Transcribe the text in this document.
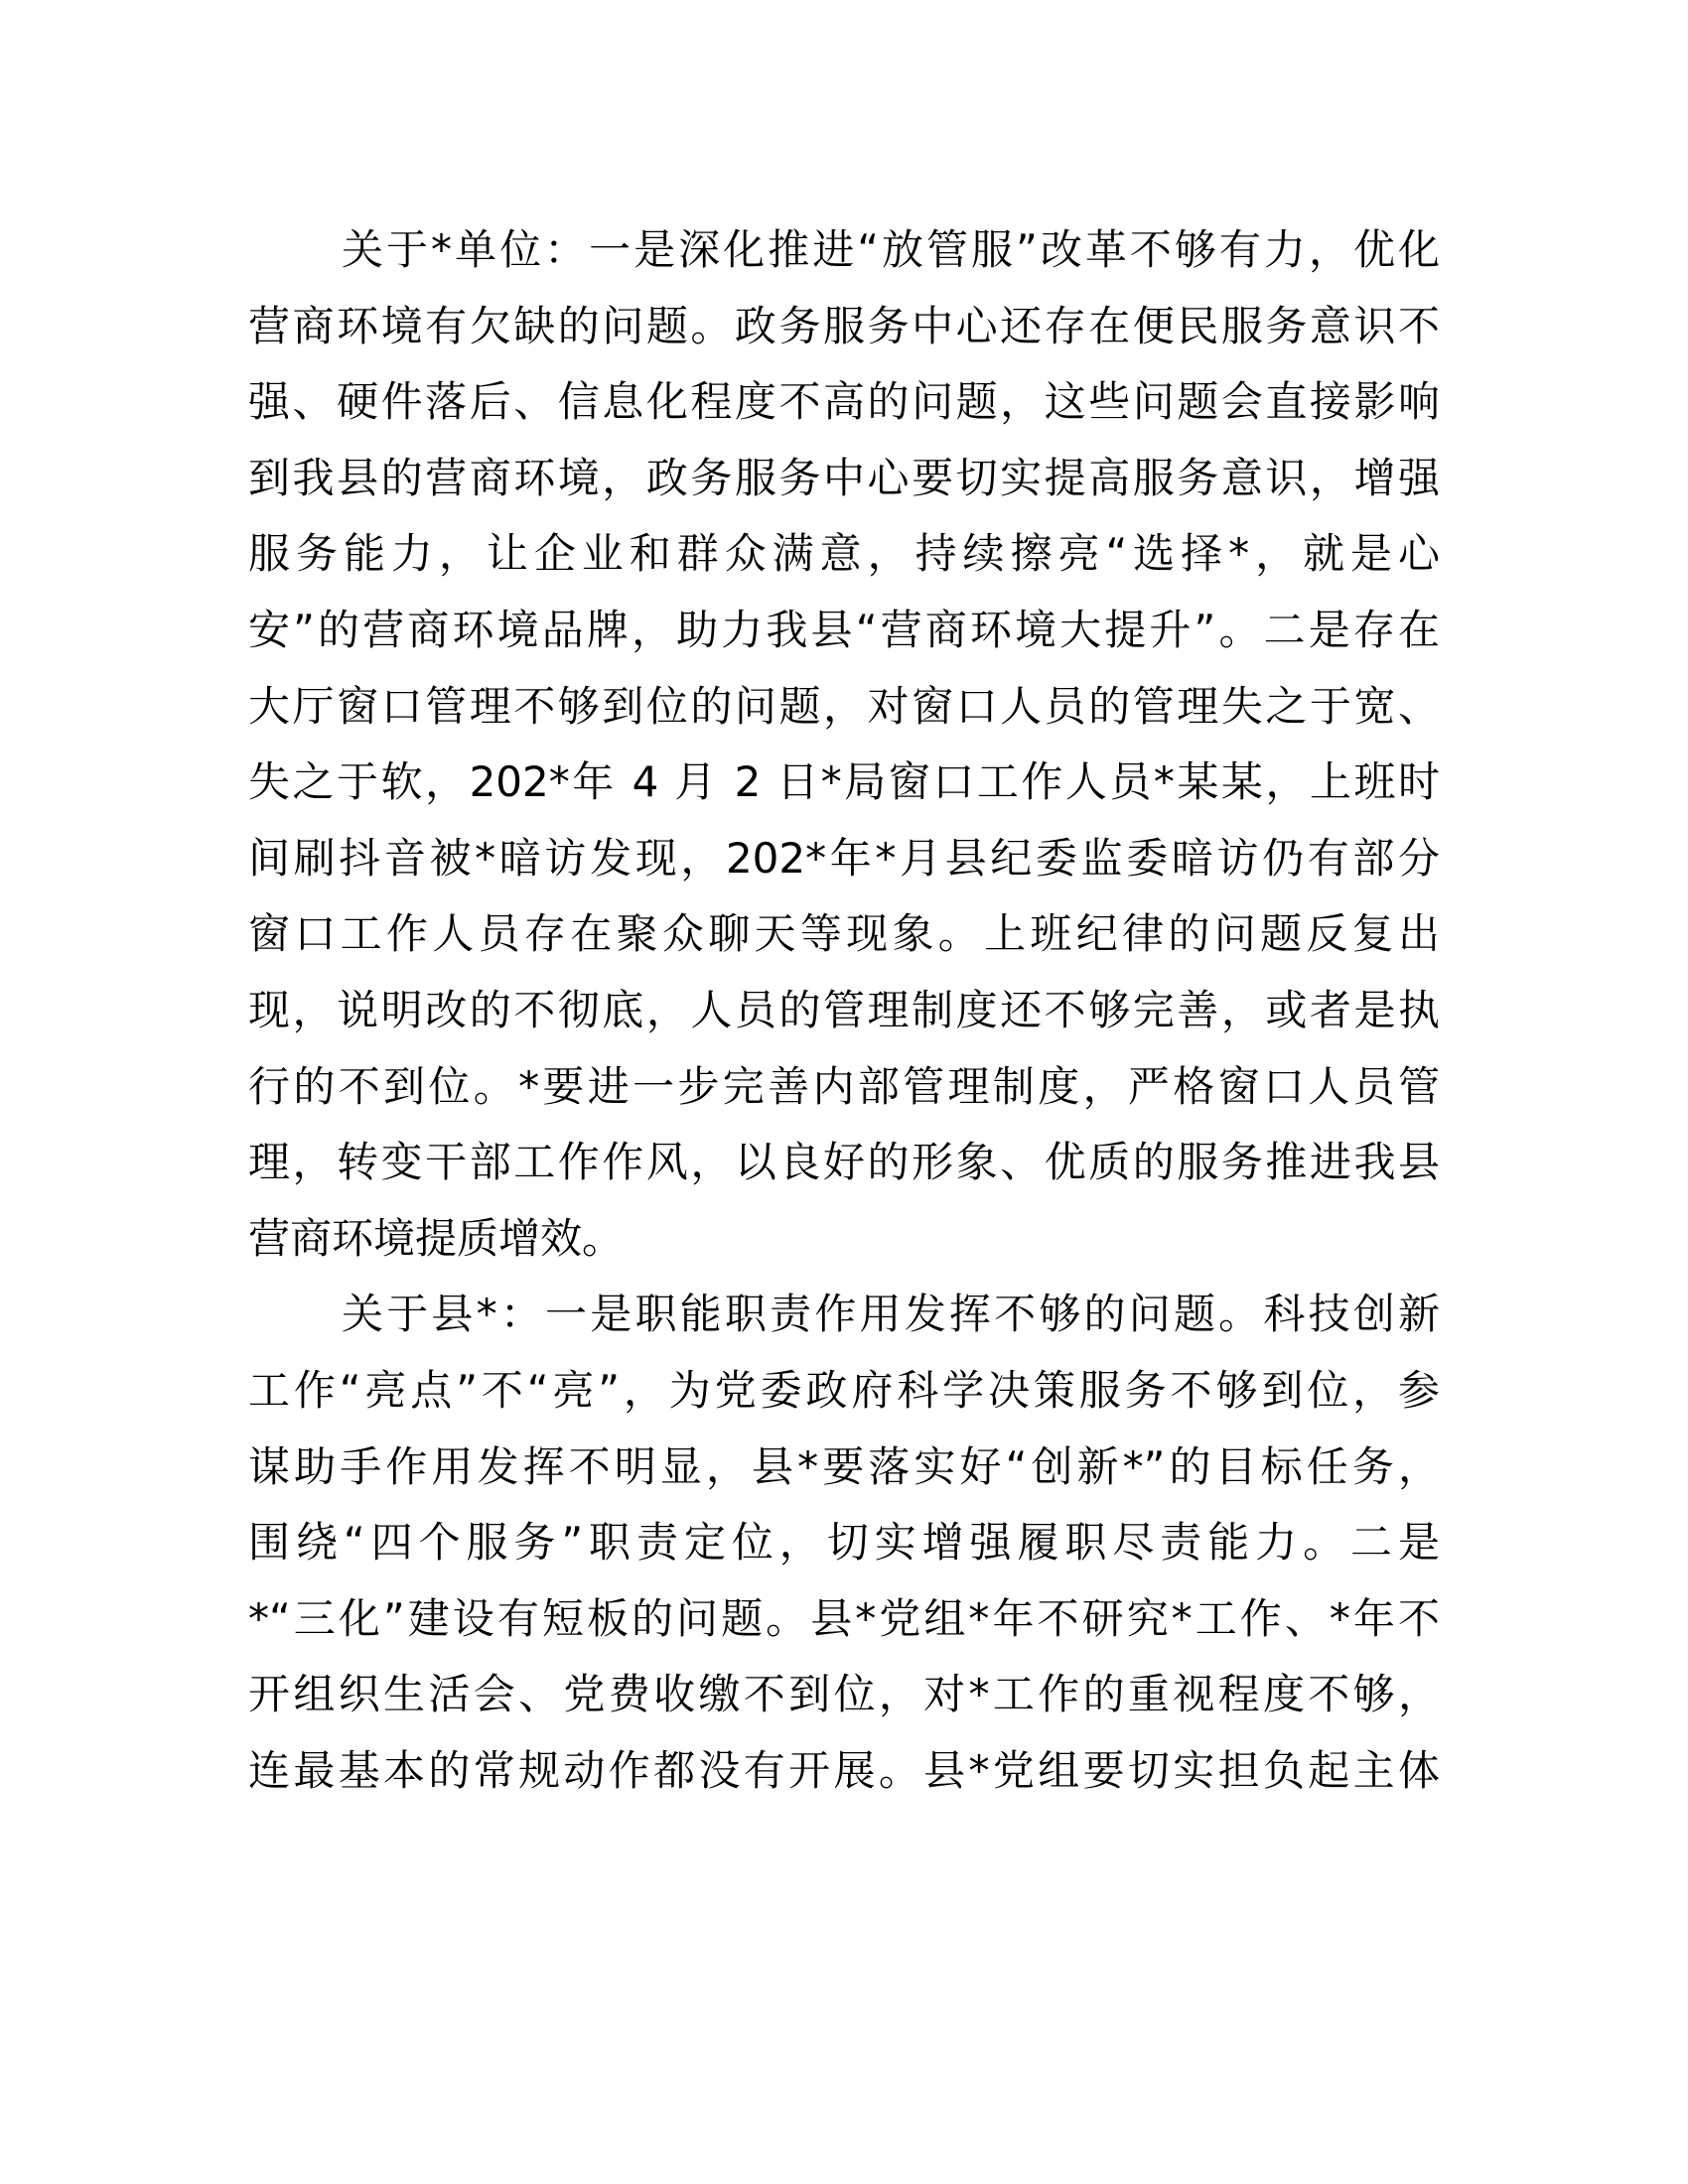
关于*单位：一是深化推进“放管服”改革不够有力，优化
营商环境有欠缺的问题。政务服务中心还存在便民服务意识不
强、硬件落后、信息化程度不高的问题，这些问题会直接影响
到我县的营商环境，政务服务中心要切实提高服务意识，增强
服务能力，让企业和群众满意，持续擦亮“选择*，就是心
安”的营商环境品牌，助力我县“营商环境大提升”。二是存在
大厅窗口管理不够到位的问题，对窗口人员的管理失之于宽、
失之于软，202*年 4 月 2 日*局窗口工作人员*某某，上班时
间刷抖音被*暗访发现，202*年*月县纪委监委暗访仍有部分
窗口工作人员存在聚众聊天等现象。上班纪律的问题反复出
现，说明改的不彻底，人员的管理制度还不够完善，或者是执
行的不到位。*要进一步完善内部管理制度，严格窗口人员管
理，转变干部工作作风，以良好的形象、优质的服务推进我县
营商环境提质增效。
关于县*：一是职能职责作用发挥不够的问题。科技创新
工作“亮点”不“亮”，为党委政府科学决策服务不够到位，参
谋助手作用发挥不明显，县*要落实好“创新*”的目标任务，
围绕“四个服务”职责定位，切实增强履职尽责能力。二是
*“三化”建设有短板的问题。县*党组*年不研究*工作、*年不
开组织生活会、党费收缴不到位，对*工作的重视程度不够，
连最基本的常规动作都没有开展。县*党组要切实担负起主体
